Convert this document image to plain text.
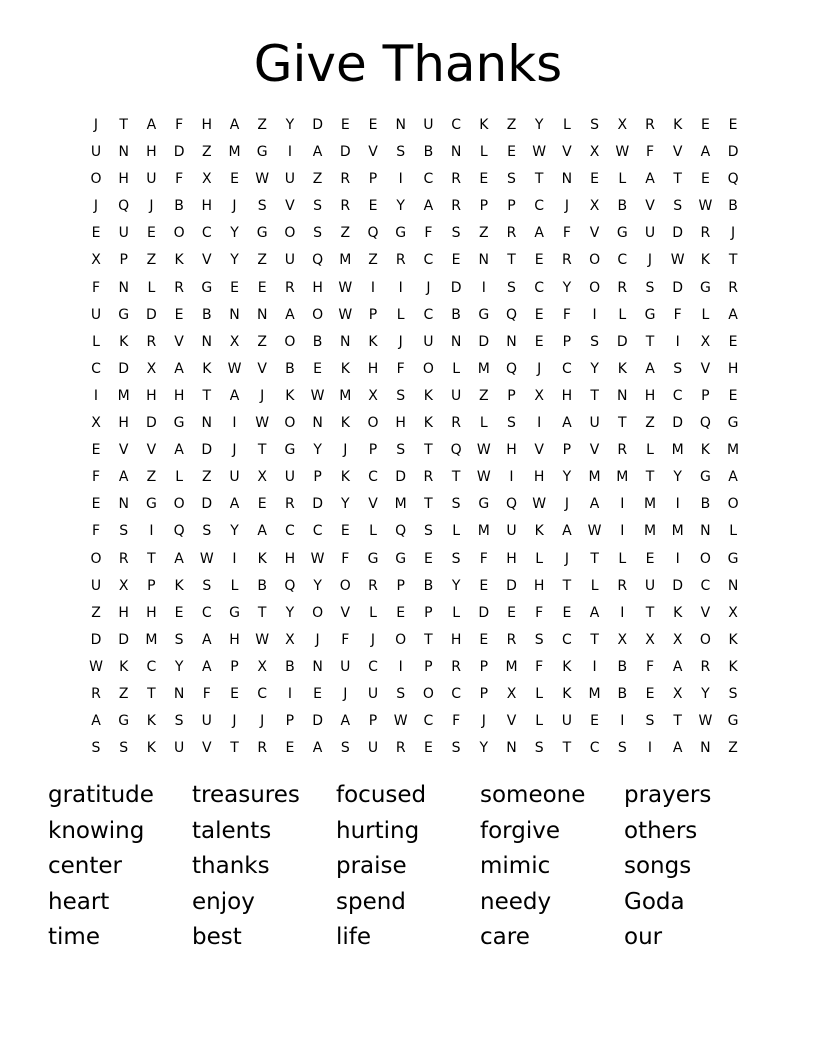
Give Thanks
J	T	A	F	H	A	Z	Y	D	E	E	N U C	K	Z	Y	L	S	X	R	K	E	E
U N H D	Z	M G	I	A	D	V	S	B	N	L	E	W	V	X	W	F	V	A	D
O H U	F	X	E	W U	Z	R	P	I	C R	E	S	T	N	E	L	A	T	E	Q
J	Q	J	B	H	J	S	V	S	R	E	Y	A	R	P	P	C	J	X	B	V	S	W B
E	U	E	O C	Y	G O	S	Z	Q G	F	S	Z	R	A	F	V	G U D R	J
X	P	Z	K	V	Y	Z	U Q M	Z	R C	E	N	T	E	R O C	J	W	K	T
F	N	L	R G	E	E	R H W	I	I	J	D	I	S	C	Y	O R	S	D G R
U G D	E	B	N N	A	O W	P	L	C B	G Q	E	F	I	L	G	F	L	A
L	K	R	V	N	X	Z	O B	N	K	J	U N D N	E	P	S	D	T	I	X	E
C D	X	A	K	W	V	B	E	K	H	F	O	L	M Q	J	C	Y	K	A	S	V	H
I	M H H	T	A	J	K	W M	X	S	K	U	Z	P	X	H	T	N H C	P	E
X	H D G N	I	W O N	K	O H	K	R	L	S	I	A	U	T	Z	D Q G
E	V	V	A	D	J	T	G	Y	J	P	S	T	Q W H	V	P	V	R	L	M	K	M
F	A	Z	L	Z	U	X	U	P	K	C D R	T	W	I	H	Y	M M	T	Y	G	A
E	N G O D	A	E	R D	Y	V	M	T	S	G Q W	J	A	I	M	I	B	O
F	S	I	Q	S	Y	A	C C	E	L	Q	S	L	M U	K	A	W	I	M M N	L
O R	T	A	W	I	K	H W	F	G G	E	S	F	H	L	J	T	L	E	I	O G
U	X	P	K	S	L	B	Q	Y	O R	P	B	Y	E	D H	T	L	R U D C N
Z	H H	E	C G	T	Y	O	V	L	E	P	L	D	E	F	E	A	I	T	K	V	X
D D M	S	A	H W	X	J	F	J	O	T	H	E	R	S	C	T	X	X	X	O	K
W	K	C	Y	A	P	X	B	N U C	I	P	R	P	M	F	K	I	B	F	A	R	K
R	Z	T	N	F	E	C	I	E	J	U	S	O C	P	X	L	K	M B	E	X	Y	S
A	G	K	S	U	J	J	P	D	A	P	W C	F	J	V	L	U	E	I	S	T	W G
S	S	K	U	V	T	R	E	A	S	U R	E	S	Y	N	S	T	C	S	I	A	N	Z
gratitude treasures focused someone prayers
knowing talents	hurting	forgive	others
center	thanks	praise	mimic	songs
heart	enjoy	spend	needy	Goda
time	best	life	care	our
